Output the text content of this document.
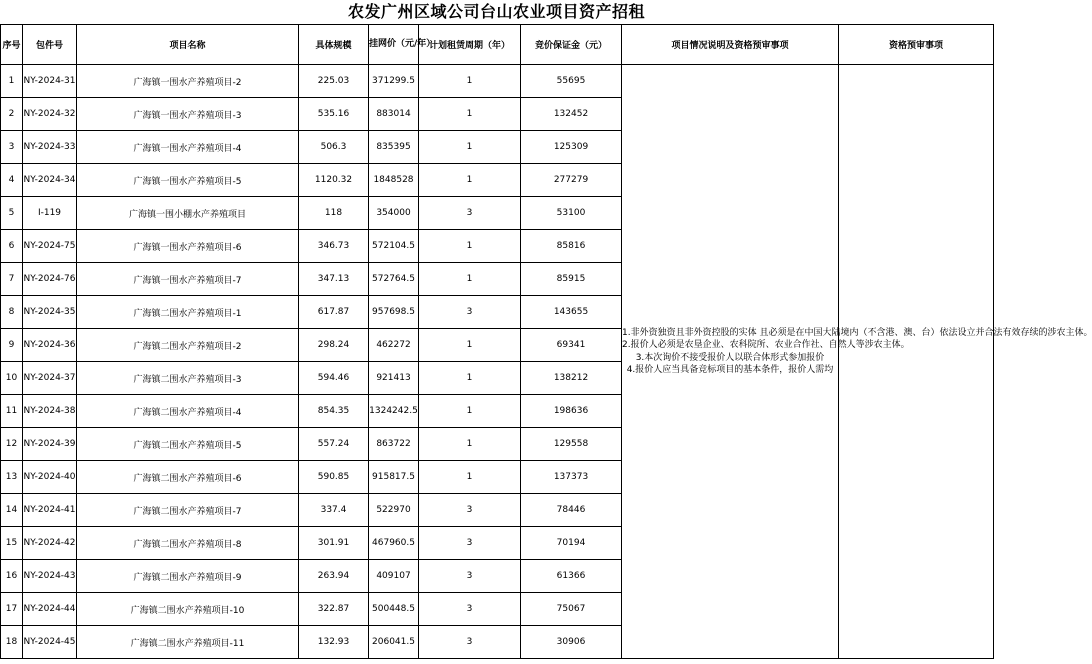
农发广州区域公司台山农业项目资产招租
序号	包件号	项目名称	具体规模	挂网价（元/年）	计划租赁周期（年）	竞价保证金（元）	项目情况说明及资格预审事项	资格预审事项
1	NY-2024-31	广海镇一围水产养殖项目-2	225.03	371299.5	1	55695	1.非外资独资且非外资控股的实体 且必须是在中国大陆境内（不含港、澳、台）依法设立并合法有效存续的涉农主体。

2.报价人必须是农垦企业、农科院所、农业合作社、自然人等涉农主体。

3.本次询价不接受报价人以联合体形式参加报价

4.报价人应当具备竞标项目的基本条件，报价人需均	

2	NY-2024-32	广海镇一围水产养殖项目-3	535.16	883014	1	132452		
3	NY-2024-33	广海镇一围水产养殖项目-4	506.3	835395	1	125309		
4	NY-2024-34	广海镇一围水产养殖项目-5	1120.32	1848528	1	277279		
5	I-119	广海镇一围小棚水产养殖项目	118	354000	3	53100		
6	NY-2024-75	广海镇一围水产养殖项目-6	346.73	572104.5	1	85816		
7	NY-2024-76	广海镇一围水产养殖项目-7	347.13	572764.5	1	85915		
8	NY-2024-35	广海镇二围水产养殖项目-1	617.87	957698.5	3	143655		
9	NY-2024-36	广海镇二围水产养殖项目-2	298.24	462272	1	69341		
10	NY-2024-37	广海镇二围水产养殖项目-3	594.46	921413	1	138212		
11	NY-2024-38	广海镇二围水产养殖项目-4	854.35	1324242.5	1	198636		
12	NY-2024-39	广海镇二围水产养殖项目-5	557.24	863722	1	129558		
13	NY-2024-40	广海镇二围水产养殖项目-6	590.85	915817.5	1	137373		
14	NY-2024-41	广海镇二围水产养殖项目-7	337.4	522970	3	78446		
15	NY-2024-42	广海镇二围水产养殖项目-8	301.91	467960.5	3	70194		
16	NY-2024-43	广海镇二围水产养殖项目-9	263.94	409107	3	61366		
17	NY-2024-44	广海镇二围水产养殖项目-10	322.87	500448.5	3	75067		
18	NY-2024-45	广海镇二围水产养殖项目-11	132.93	206041.5	3	30906		
